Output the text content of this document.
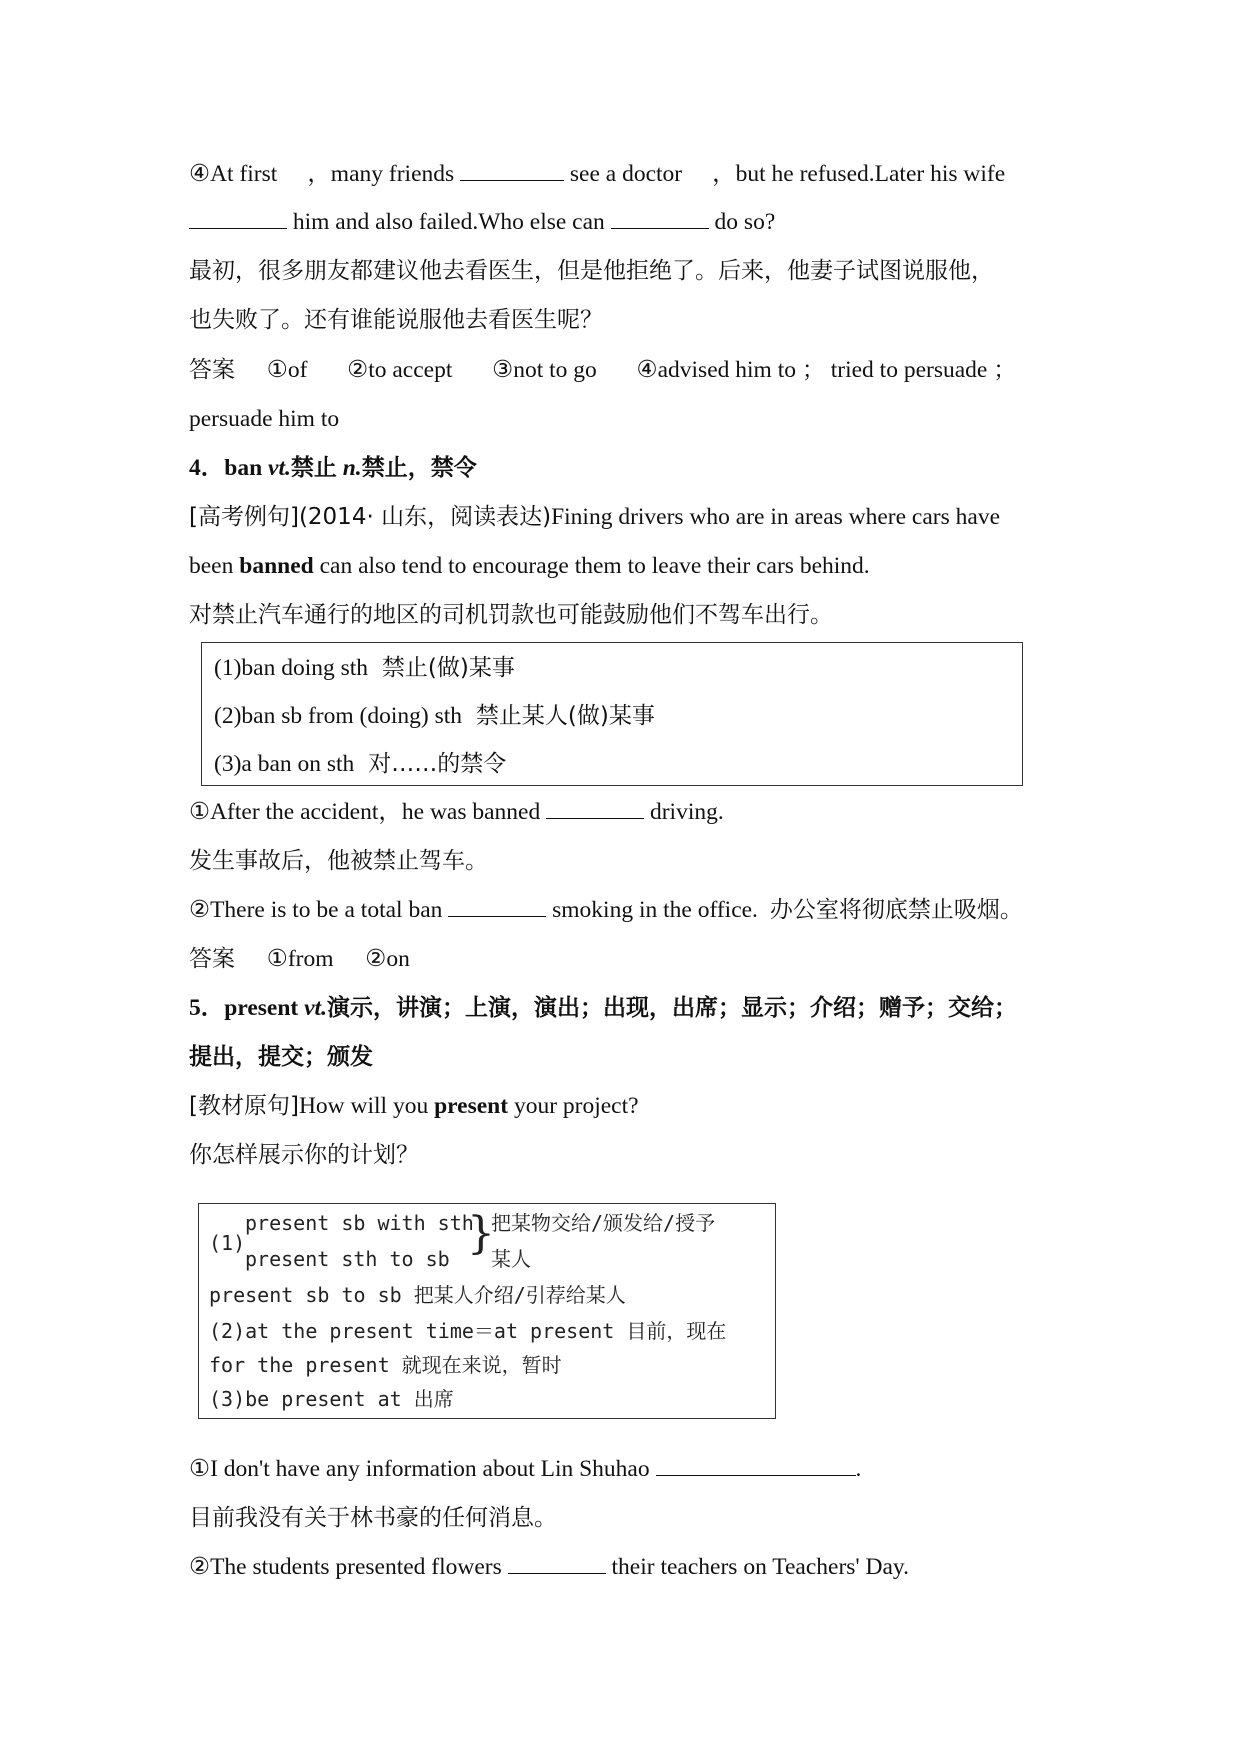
④At first ，many friends	see a doctor ，but he refused.Later his wife
him and also failed.Who else can	do so?
最初，很多朋友都建议他去看医生，但是他拒绝了。后来，他妻子试图说服他，
也失败了。还有谁能说服他去看医生呢？
答案 ①of ②to accept ③not to go ④advised him to ； tried to persuade ；
persuade him to
4．ban vt.禁止 n.禁止，禁令
[高考例句](2014· 山东，阅读表达)Fining drivers who are in areas where cars have
been banned can also tend to encourage them to leave their cars behind.
对禁止汽车通行的地区的司机罚款也可能鼓励他们不驾车出行。
(1)ban doing sth 禁止(做)某事
(2)ban sb from (doing) sth 禁止某人(做)某事
(3)a ban on sth 对……的禁令
①After the accident，he was banned	driving.
发生事故后，他被禁止驾车。
②There is to be a total ban	smoking in the office. 办公室将彻底禁止吸烟。
答案 ①from ②on
5．present vt.演示，讲演；上演，演出；出现，出席；显示；介绍；赠予；交给；
提出，提交；颁发
[教材原句]How will you present your project?
你怎样展示你的计划？
(1)
present sb with sth
present sth to sb }
把某物交给/颁发给/授予
某人
present sb to sb 把某人介绍/引荐给某人
(2)at the present time＝at present 目前，现在
for the present 就现在来说，暂时
(3)be present at 出席
①I don't have any information about Lin Shuhao	.
目前我没有关于林书豪的任何消息。
②The students presented flowers	their teachers on Teachers' Day.
